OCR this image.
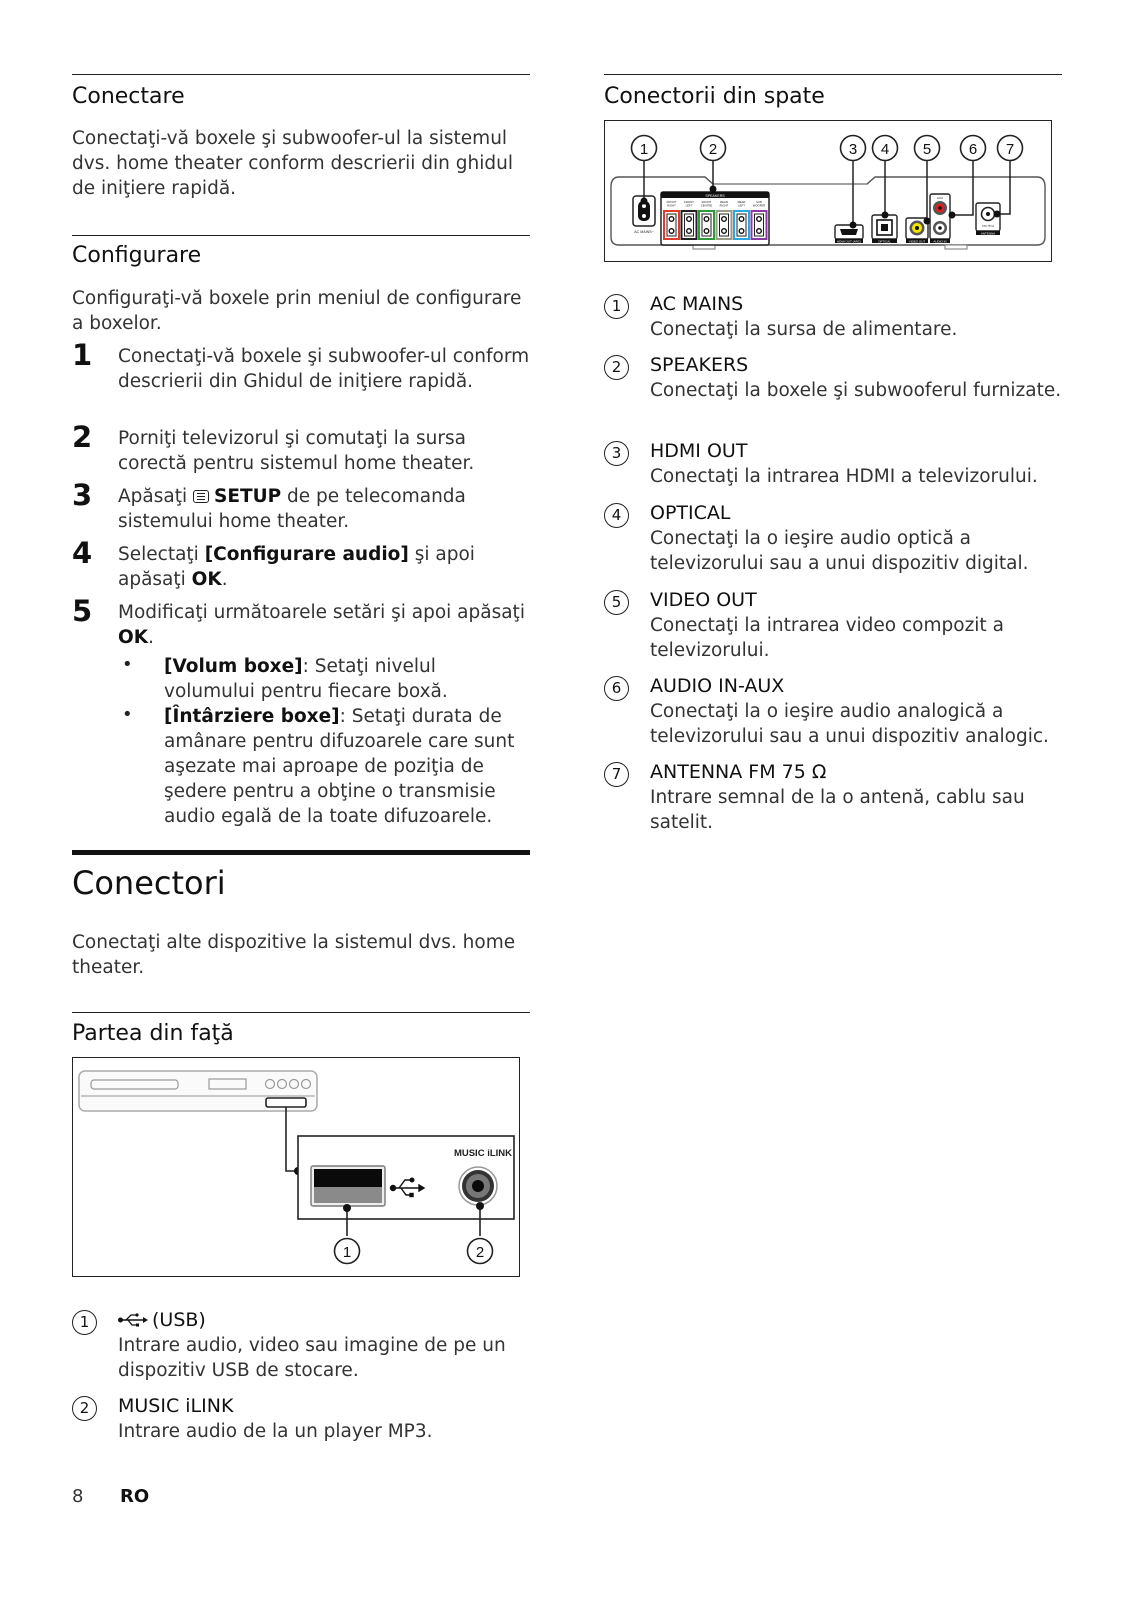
Conectare

Conectaţi-vă boxele şi subwoofer-ul la sistemul dvs. home theater conform descrierii din ghidul de iniţiere rapidă.

Configurare

Configuraţi-vă boxele prin meniul de configurare a boxelor.

1 Conectaţi-vă boxele şi subwoofer-ul conform descrierii din Ghidul de iniţiere rapidă.
2 Porniţi televizorul şi comutaţi la sursa corectă pentru sistemul home theater.
3 Apăsaţi
SETUP de pe telecomanda sistemului home theater.
4 Selectaţi [Configurare audio] şi apoi apăsaţi OK.
5 Modificaţi următoarele setări şi apoi apăsaţi OK.
• [Volum boxe]: Setaţi nivelul volumului pentru fiecare boxă.
• [Întârziere boxe]: Setaţi durata de amânare pentru difuzoarele care sunt aşezate mai aproape de poziţia de şedere pentru a obţine o transmisie audio egală de la toate difuzoarele.
Conectori

Conectaţi alte dispozitive la sistemul dvs. home theater.

Partea din faţă
MUSIC iLINK
1	2
1	(USB)
Intrare audio, video sau imagine de pe un dispozitiv USB de stocare.
2	MUSIC iLINK
Intrare audio de la un player MP3.
Conectorii din spate
AC MAINS~
SPEAKERS
FRONT
RIGHT
FRONT
LEFT
FRONT
CENTRE
REAR
RIGHT
REAR
LEFT
SUB
WOOFER
HDMI OUT (ARC)	OPTICAL	VIDEO OUT
AUX
AUDIO IN
FM 75 Ω
ANTENNA
1	2	3 4 5	6 7
1	AC MAINS
Conectaţi la sursa de alimentare.
2	SPEAKERS
Conectaţi la boxele şi subwooferul furnizate.
3	HDMI OUT
Conectaţi la intrarea HDMI a televizorului.
4	OPTICAL
Conectaţi la o ieşire audio optică a televizorului sau a unui dispozitiv digital.
5	VIDEO OUT
Conectaţi la intrarea video compozit a televizorului.
6	AUDIO IN-AUX
Conectaţi la o ieşire audio analogică a televizorului sau a unui dispozitiv analogic.
7	ANTENNA FM 75 Ω
Intrare semnal de la o antenă, cablu sau satelit.
8 RO
